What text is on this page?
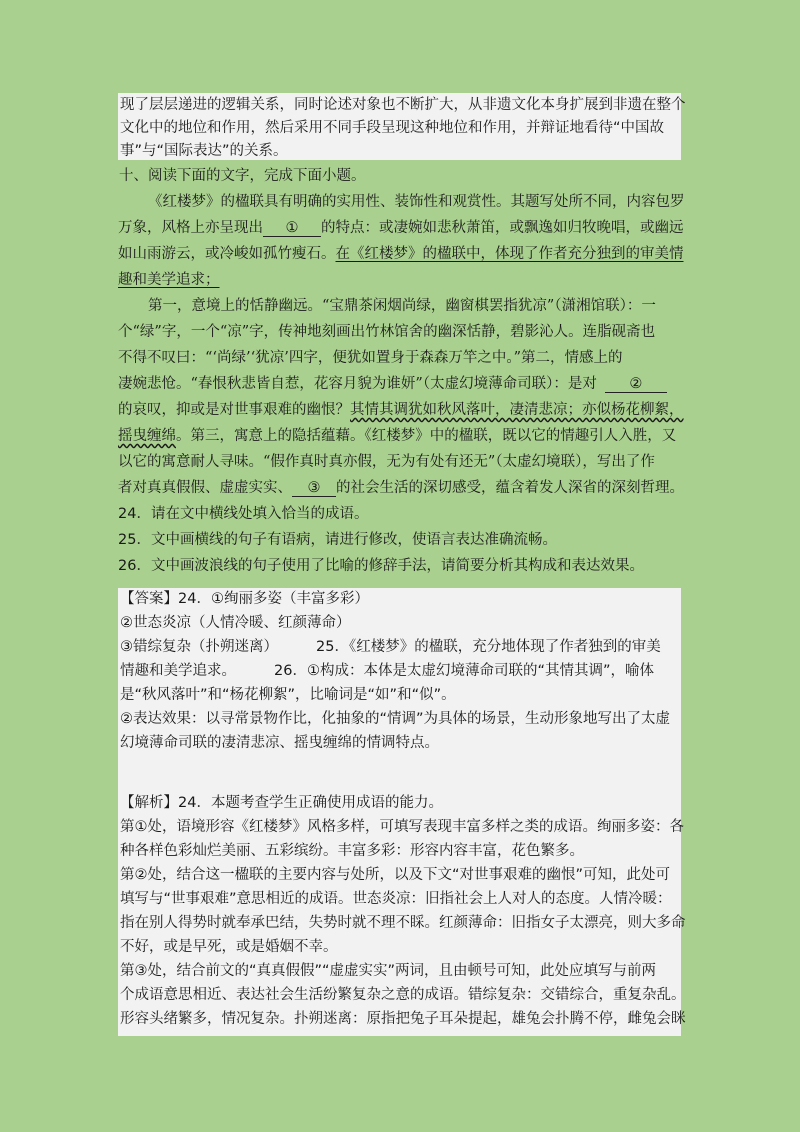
现了层层递进的逻辑关系，同时论述对象也不断扩大，从非遗文化本身扩展到非遗在整个
文化中的地位和作用，然后采用不同手段呈现这种地位和作用，并辩证地看待“中国故
事”与“国际表达”的关系。
十、阅读下面的文字，完成下面小题。
《红楼梦》的楹联具有明确的实用性、装饰性和观赏性。其题写处所不同，内容包罗
万象，风格上亦呈现出 ① 的特点：或凄婉如悲秋萧笛，或飘逸如归牧晚唱，或幽远
如山雨游云，或冷峻如孤竹瘦石。在《红楼梦》的楹联中，体现了作者充分独到的审美情
趣和美学追求；
第一，意境上的恬静幽远。“宝鼎茶闲烟尚绿，幽窗棋罢指犹凉”（潇湘馆联）：一
个“绿”字，一个“凉”字，传神地刻画出竹林馆舍的幽深恬静，碧影沁人。连脂砚斋也
不得不叹曰：“‘尚绿’‘犹凉’四字，便犹如置身于森森万竿之中。”第二，情感上的
凄婉悲怆。“春恨秋悲皆自惹，花容月貌为谁妍”（太虚幻境薄命司联）：是对 ②
的哀叹，抑或是对世事艰难的幽恨？其情其调犹如秋风落叶，凄清悲凉；亦似杨花柳絮，
摇曳缠绵。第三，寓意上的隐括蕴藉。《红楼梦》中的楹联，既以它的情趣引人入胜，又
以它的寓意耐人寻味。“假作真时真亦假，无为有处有还无”（太虚幻境联），写出了作
者对真真假假、虚虚实实、 ③ 的社会生活的深切感受，蕴含着发人深省的深刻哲理。
24．请在文中横线处填入恰当的成语。
25．文中画横线的句子有语病，请进行修改，使语言表达准确流畅。
26．文中画波浪线的句子使用了比喻的修辞手法，请简要分析其构成和表达效果。
【答案】24．①绚丽多姿（丰富多彩）
②世态炎凉（人情冷暖、红颜薄命）
③错综复杂（扑朔迷离）	25．《红楼梦》的楹联，充分地体现了作者独到的审美
情趣和美学追求。	26．①构成：本体是太虚幻境薄命司联的“其情其调”，喻体
是“秋风落叶”和“杨花柳絮”，比喻词是“如”和“似”。
②表达效果：以寻常景物作比，化抽象的“情调”为具体的场景，生动形象地写出了太虚
幻境薄命司联的凄清悲凉、摇曳缠绵的情调特点。
【解析】24．本题考查学生正确使用成语的能力。
第①处，语境形容《红楼梦》风格多样，可填写表现丰富多样之类的成语。绚丽多姿：各
种各样色彩灿烂美丽、五彩缤纷。丰富多彩：形容内容丰富，花色繁多。
第②处，结合这一楹联的主要内容与处所，以及下文“对世事艰难的幽恨”可知，此处可
填写与“世事艰难”意思相近的成语。世态炎凉：旧指社会上人对人的态度。人情冷暖：
指在别人得势时就奉承巴结，失势时就不理不睬。红颜薄命：旧指女子太漂亮，则大多命
不好，或是早死，或是婚姻不幸。
第③处，结合前文的“真真假假”“虚虚实实”两词，且由顿号可知，此处应填写与前两
个成语意思相近、表达社会生活纷繁复杂之意的成语。错综复杂：交错综合，重复杂乱。
形容头绪繁多，情况复杂。扑朔迷离：原指把兔子耳朵提起，雄兔会扑腾不停，雌兔会眯
